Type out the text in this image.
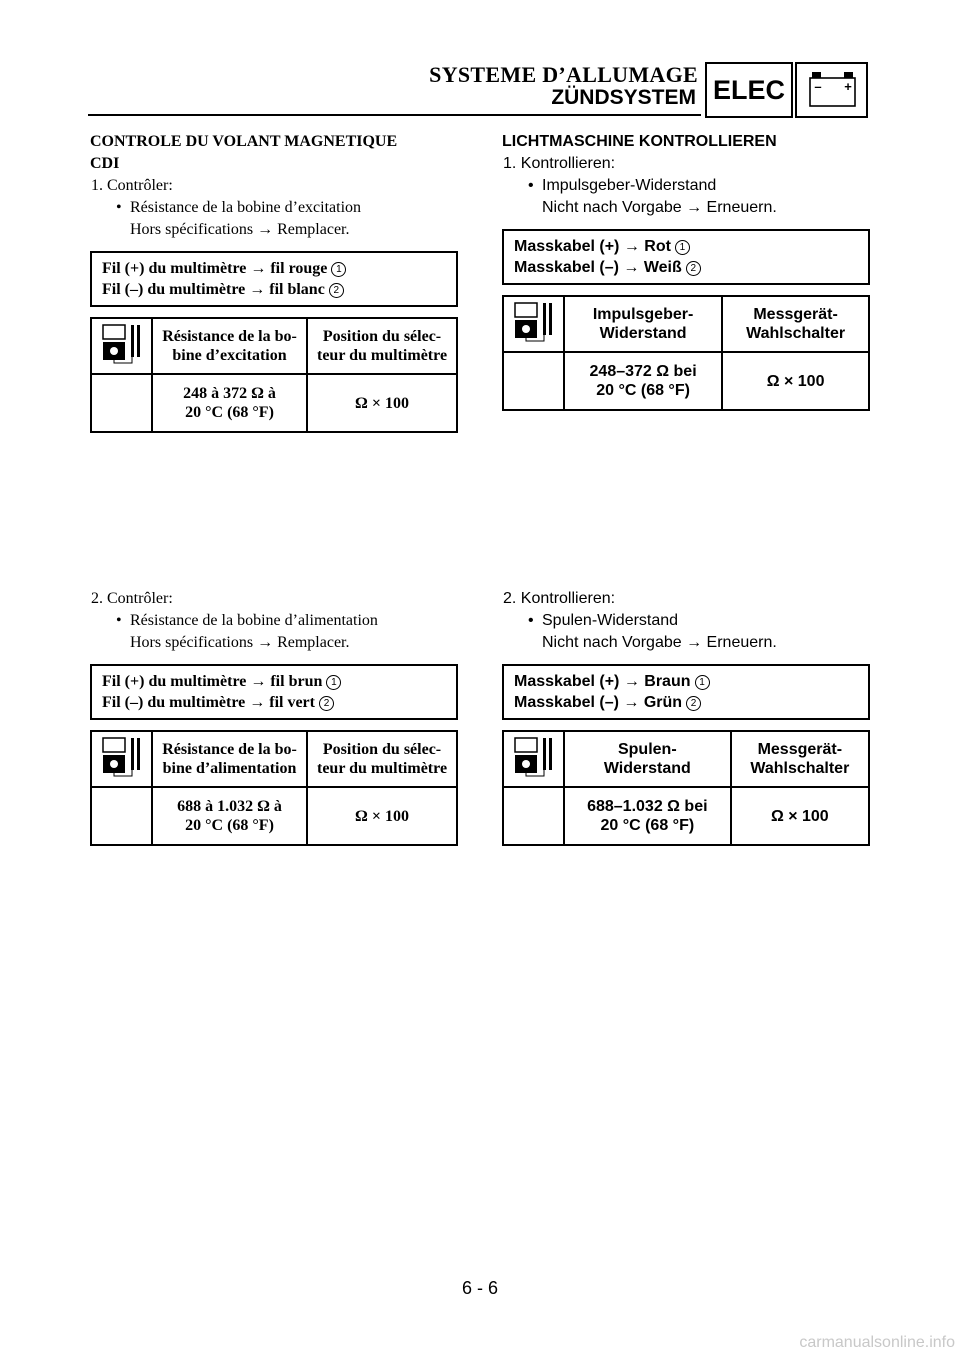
SYSTEME D’ALLUMAGE
ZÜNDSYSTEM ELEC	– +
CONTROLE DU VOLANT MAGNETIQUE
CDI
1. Contrôler:
• Résistance de la bobine d’excitation
Hors spécifications → Remplacer.
Fil (+) du multimètre → fil rouge 1
Fil (–) du multimètre → fil blanc 2
	Résistance de la bo-
bine d’excitation	Position du sélec-
teur du multimètre
	248 à 372 Ω à
20 °C (68 °F)	Ω × 100
2. Contrôler:
• Résistance de la bobine d’alimentation
Hors spécifications → Remplacer.
Fil (+) du multimètre → fil brun 1
Fil (–) du multimètre → fil vert 2
	Résistance de la bo-
bine d’alimentation	Position du sélec-
teur du multimètre
	688 à 1.032 Ω à
20 °C (68 °F)	Ω × 100
LICHTMASCHINE KONTROLLIEREN
1. Kontrollieren:
• Impulsgeber-Widerstand
Nicht nach Vorgabe → Erneuern.
Masskabel (+) → Rot 1
Masskabel (–) → Weiß 2
	Impulsgeber-
Widerstand	Messgerät-
Wahlschalter
	248–372 Ω bei
20 °C (68 °F)	Ω × 100
2. Kontrollieren:
• Spulen-Widerstand
Nicht nach Vorgabe → Erneuern.
Masskabel (+) → Braun 1
Masskabel (–) → Grün 2
	Spulen-
Widerstand	Messgerät-
Wahlschalter
	688–1.032 Ω bei
20 °C (68 °F)	Ω × 100
6 - 6
carmanualsonline.info
